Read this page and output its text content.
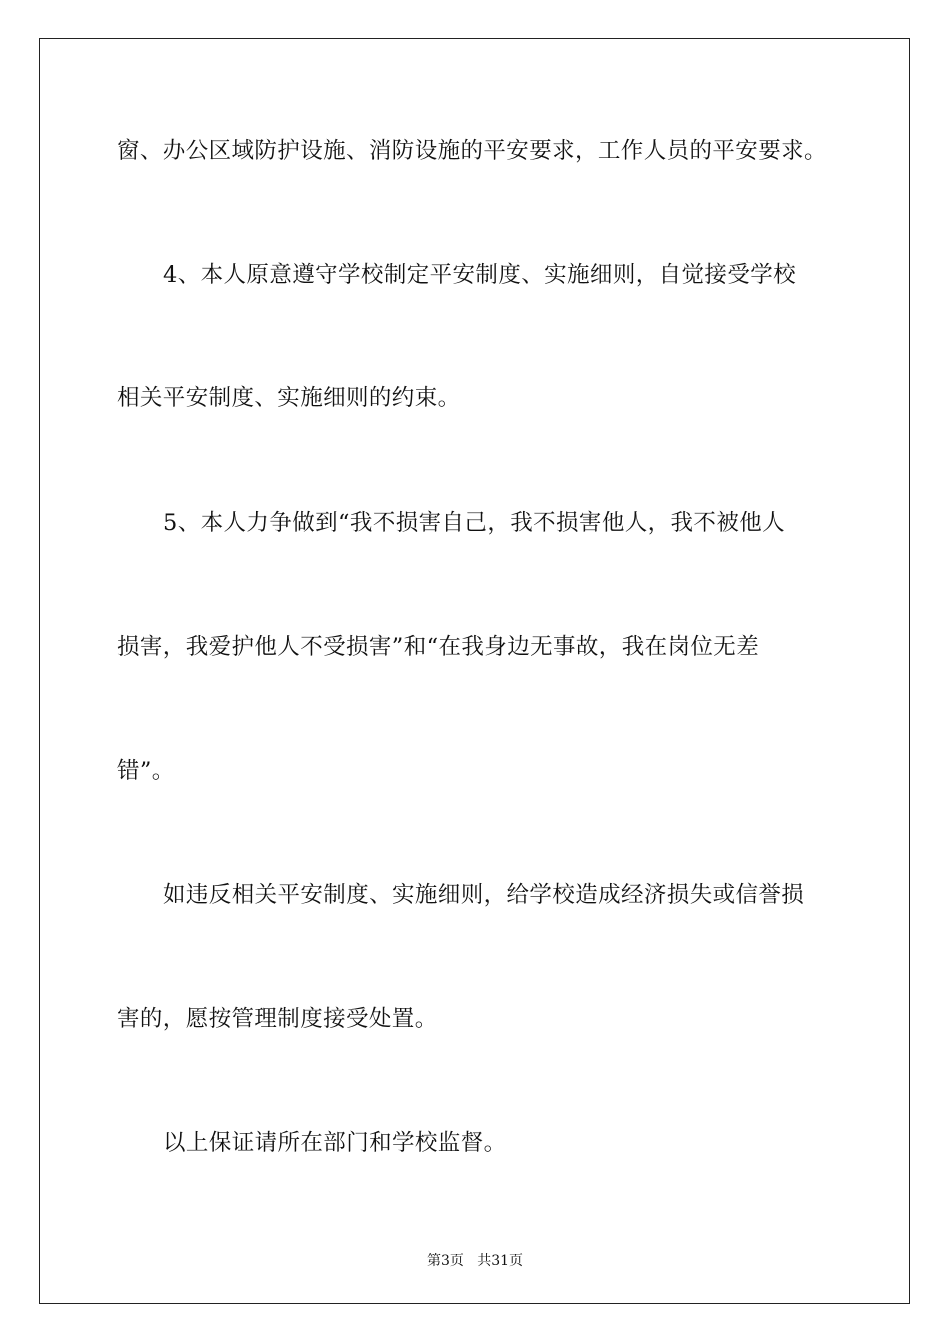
窗、办公区域防护设施、消防设施的平安要求，工作人员的平安要求。

4、本人原意遵守学校制定平安制度、实施细则，自觉接受学校

相关平安制度、实施细则的约束。

5、本人力争做到“我不损害自己，我不损害他人，我不被他人

损害，我爱护他人不受损害”和“在我身边无事故，我在岗位无差

错”。

如违反相关平安制度、实施细则，给学校造成经济损失或信誉损

害的，愿按管理制度接受处置。

以上保证请所在部门和学校监督。

第3页   共31页
